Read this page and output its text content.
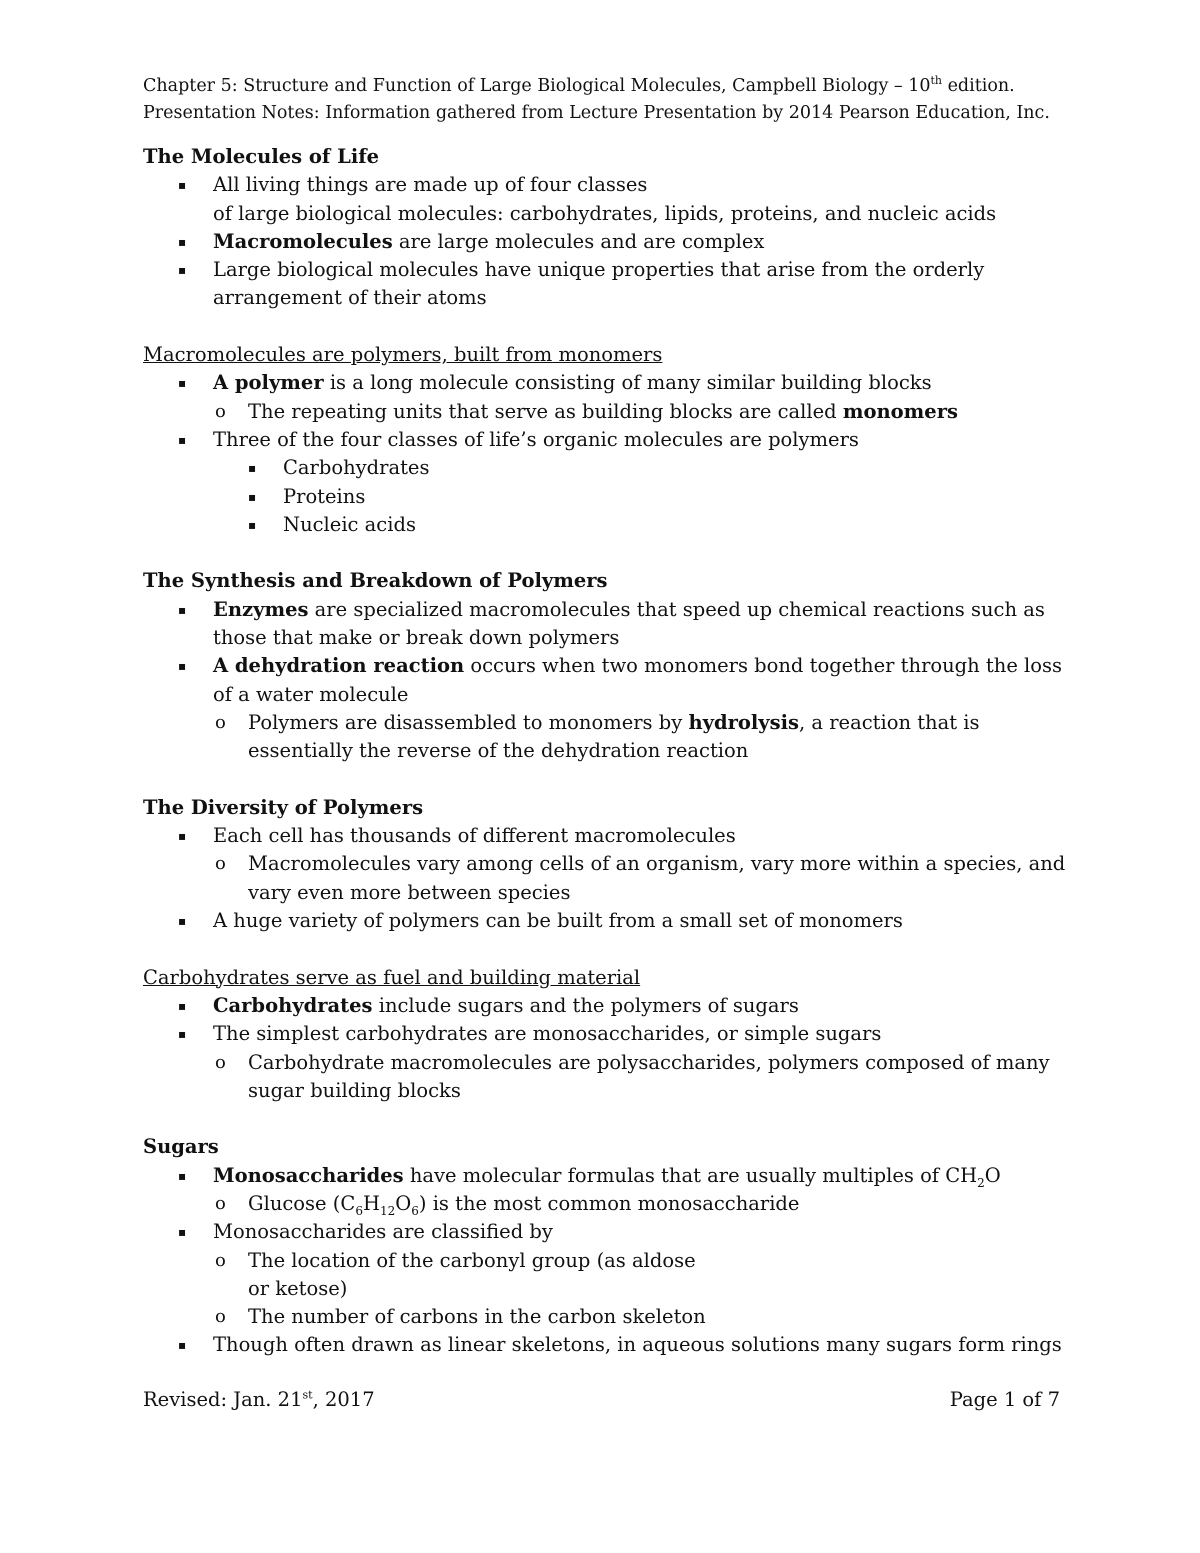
Chapter 5: Structure and Function of Large Biological Molecules, Campbell Biology – 10th edition.
Presentation Notes: Information gathered from Lecture Presentation by 2014 Pearson Education, Inc.
The Molecules of Life
▪ All living things are made up of four classes
of large biological molecules: carbohydrates, lipids, proteins, and nucleic acids
▪ Macromolecules are large molecules and are complex
▪ Large biological molecules have unique properties that arise from the orderly arrangement of their atoms
Macromolecules are polymers, built from monomers
▪ A polymer is a long molecule consisting of many similar building blocks
o The repeating units that serve as building blocks are called monomers
▪ Three of the four classes of life’s organic molecules are polymers
▪ Carbohydrates
▪ Proteins
▪ Nucleic acids
The Synthesis and Breakdown of Polymers
▪ Enzymes are specialized macromolecules that speed up chemical reactions such as those that make or break down polymers
▪ A dehydration reaction occurs when two monomers bond together through the loss of a water molecule
o Polymers are disassembled to monomers by hydrolysis, a reaction that is essentially the reverse of the dehydration reaction
The Diversity of Polymers
▪ Each cell has thousands of different macromolecules
o Macromolecules vary among cells of an organism, vary more within a species, and vary even more between species
▪ A huge variety of polymers can be built from a small set of monomers
Carbohydrates serve as fuel and building material
▪ Carbohydrates include sugars and the polymers of sugars
▪ The simplest carbohydrates are monosaccharides, or simple sugars
o Carbohydrate macromolecules are polysaccharides, polymers composed of many sugar building blocks
Sugars
▪ Monosaccharides have molecular formulas that are usually multiples of $CH_2O$
o Glucose $(C_6H_{12}O_6)$ is the most common monosaccharide
▪ Monosaccharides are classified by
o The location of the carbonyl group (as aldose
or ketose)
o The number of carbons in the carbon skeleton
▪ Though often drawn as linear skeletons, in aqueous solutions many sugars form rings
Revised: Jan. 21st, 2017	Page 1 of 7
